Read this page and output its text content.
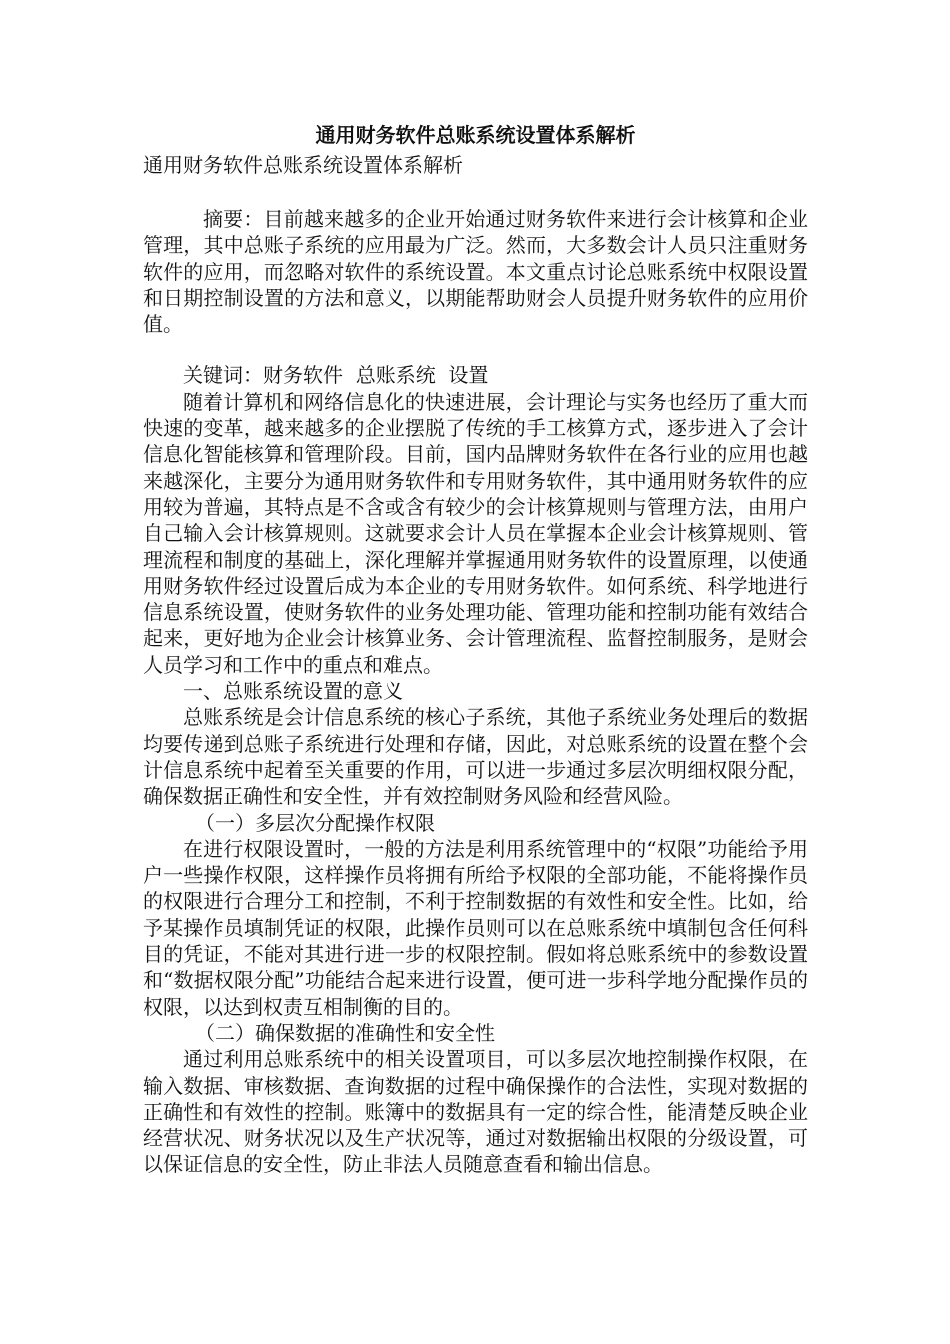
通用财务软件总账系统设置体系解析

通用财务软件总账系统设置体系解析

摘要：目前越来越多的企业开始通过财务软件来进行会计核算和企业管理，其中总账子系统的应用最为广泛。然而，大多数会计人员只注重财务软件的应用，而忽略对软件的系统设置。本文重点讨论总账系统中权限设置和日期控制设置的方法和意义，以期能帮助财会人员提升财务软件的应用价值。

关键词：财务软件  总账系统  设置

随着计算机和网络信息化的快速进展，会计理论与实务也经历了重大而快速的变革，越来越多的企业摆脱了传统的手工核算方式，逐步进入了会计信息化智能核算和管理阶段。目前，国内品牌财务软件在各行业的应用也越来越深化，主要分为通用财务软件和专用财务软件，其中通用财务软件的应用较为普遍，其特点是不含或含有较少的会计核算规则与管理方法，由用户自己输入会计核算规则。这就要求会计人员在掌握本企业会计核算规则、管理流程和制度的基础上，深化理解并掌握通用财务软件的设置原理，以使通用财务软件经过设置后成为本企业的专用财务软件。如何系统、科学地进行信息系统设置，使财务软件的业务处理功能、管理功能和控制功能有效结合起来，更好地为企业会计核算业务、会计管理流程、监督控制服务，是财会人员学习和工作中的重点和难点。

一、总账系统设置的意义

总账系统是会计信息系统的核心子系统，其他子系统业务处理后的数据均要传递到总账子系统进行处理和存储，因此，对总账系统的设置在整个会计信息系统中起着至关重要的作用，可以进一步通过多层次明细权限分配，确保数据正确性和安全性，并有效控制财务风险和经营风险。

（一）多层次分配操作权限

在进行权限设置时，一般的方法是利用系统管理中的“权限”功能给予用户一些操作权限，这样操作员将拥有所给予权限的全部功能，不能将操作员的权限进行合理分工和控制，不利于控制数据的有效性和安全性。比如，给予某操作员填制凭证的权限，此操作员则可以在总账系统中填制包含任何科目的凭证，不能对其进行进一步的权限控制。假如将总账系统中的参数设置和“数据权限分配”功能结合起来进行设置，便可进一步科学地分配操作员的权限，以达到权责互相制衡的目的。

（二）确保数据的准确性和安全性

通过利用总账系统中的相关设置项目，可以多层次地控制操作权限，在输入数据、审核数据、查询数据的过程中确保操作的合法性，实现对数据的正确性和有效性的控制。账簿中的数据具有一定的综合性，能清楚反映企业经营状况、财务状况以及生产状况等，通过对数据输出权限的分级设置，可以保证信息的安全性，防止非法人员随意查看和输出信息。
